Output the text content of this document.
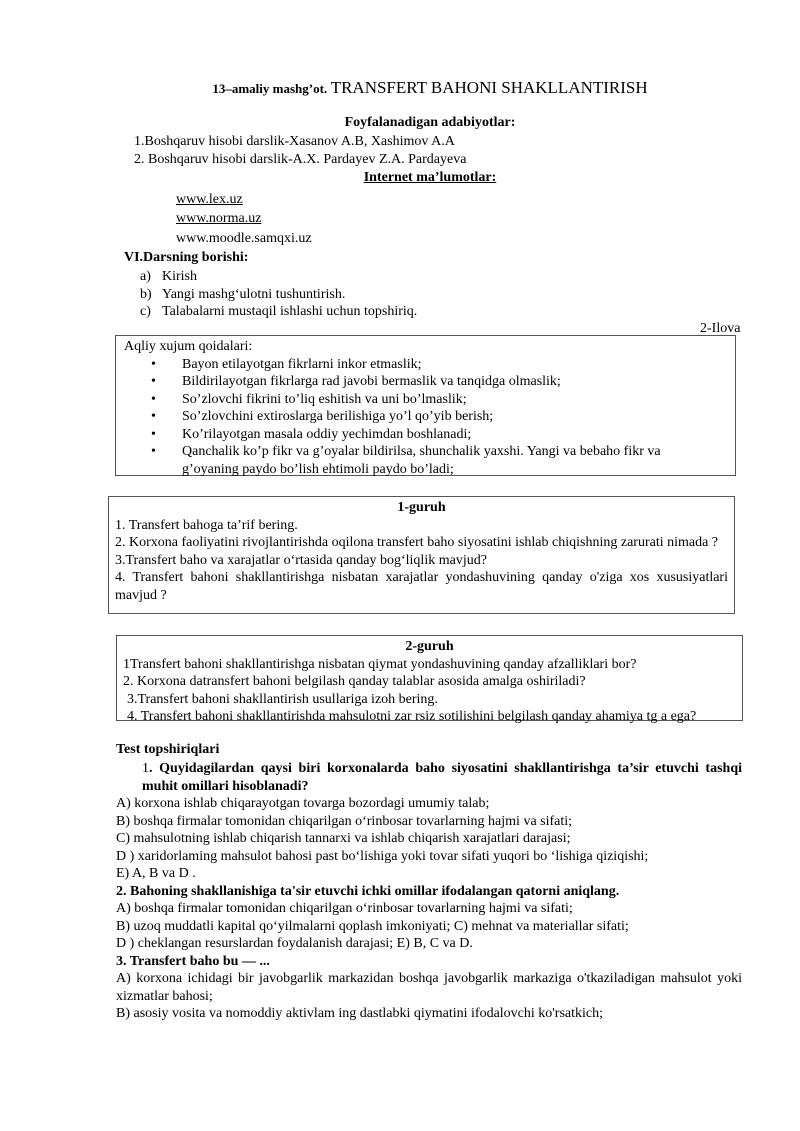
13–amaliy mashg’ot. TRANSFERT BAHONI SHAKLLANTIRISH
Foyfalanadigan adabiyotlar:
1.Boshqaruv hisobi darslik-Xasanov A.B, Xashimov A.A
2. Boshqaruv hisobi darslik-A.X. Pardayev Z.A. Pardayeva
Internet ma’lumotlar:
www.lex.uz
www.norma.uz
www.moodle.samqxi.uz
VI.Darsning borishi:
a) Kirish
b) Yangi mashg‘ulotni tushuntirish.
c) Talabalarni mustaqil ishlashi uchun topshiriq.
2-Ilova
Aqliy xujum qoidalari:
• Bayon etilayotgan fikrlarni inkor etmaslik;
• Bildirilayotgan fikrlarga rad javobi bermaslik va tanqidga olmaslik;
• So’zlovchi fikrini to’liq eshitish va uni bo’lmaslik;
• So’zlovchini extiroslarga berilishiga yo’l qo’yib berish;
• Ko’rilayotgan masala oddiy yechimdan boshlanadi;
• Qanchalik ko’p fikr va g’oyalar bildirilsa, shunchalik yaxshi. Yangi va bebaho fikr va g’oyaning paydo bo’lish ehtimoli paydo bo’ladi;
1-guruh
1. Transfert bahoga ta’rif bering.
2. Korxona faoliyatini rivojlantirishda oqilona transfert baho siyosatini ishlab chiqishning zarurati nimada ?
3.Transfert baho va xarajatlar o‘rtasida qanday bog‘liqlik mavjud?
4. Transfert bahoni shakllantirishga nisbatan xarajatlar yondashuvining qanday o'ziga xos xususiyatlari mavjud ?
2-guruh
1Transfert bahoni shakllantirishga nisbatan qiymat yondashuvining qanday afzalliklari bor?
2. Korxona datransfert bahoni belgilash qanday talablar asosida amalga oshiriladi?
3.Transfert bahoni shakllantirish usullariga izoh bering.
4. Transfert bahoni shakllantirishda mahsulotni zar rsiz sotilishini belgilash qanday ahamiya tg a ega?
Test topshiriqlari
1. Quyidagilardan qaysi biri korxonalarda baho siyosatini shakllantirishga ta’sir etuvchi tashqi muhit omillari hisoblanadi?
A) korxona ishlab chiqarayotgan tovarga bozordagi umumiy talab;
B) boshqa firmalar tomonidan chiqarilgan o‘rinbosar tovarlarning hajmi va sifati;
C) mahsulotning ishlab chiqarish tannarxi va ishlab chiqarish xarajatlari darajasi;
D ) xaridorlaming mahsulot bahosi past bo‘lishiga yoki tovar sifati yuqori bo ‘lishiga qiziqishi;
E) A, B va D .
2. Bahoning shakllanishiga ta'sir etuvchi ichki omillar ifodalangan qatorni aniqlang.
A) boshqa firmalar tomonidan chiqarilgan o‘rinbosar tovarlarning hajmi va sifati;
B) uzoq muddatli kapital qo‘yilmalarni qoplash imkoniyati; C) mehnat va materiallar sifati;
D ) cheklangan resurslardan foydalanish darajasi; E) B, C va D.
3. Transfert baho bu — ...
A) korxona ichidagi bir javobgarlik markazidan boshqa javobgarlik markaziga o'tkaziladigan mahsulot yoki xizmatlar bahosi;
B) asosiy vosita va nomoddiy aktivlam ing dastlabki qiymatini ifodalovchi ko'rsatkich;
